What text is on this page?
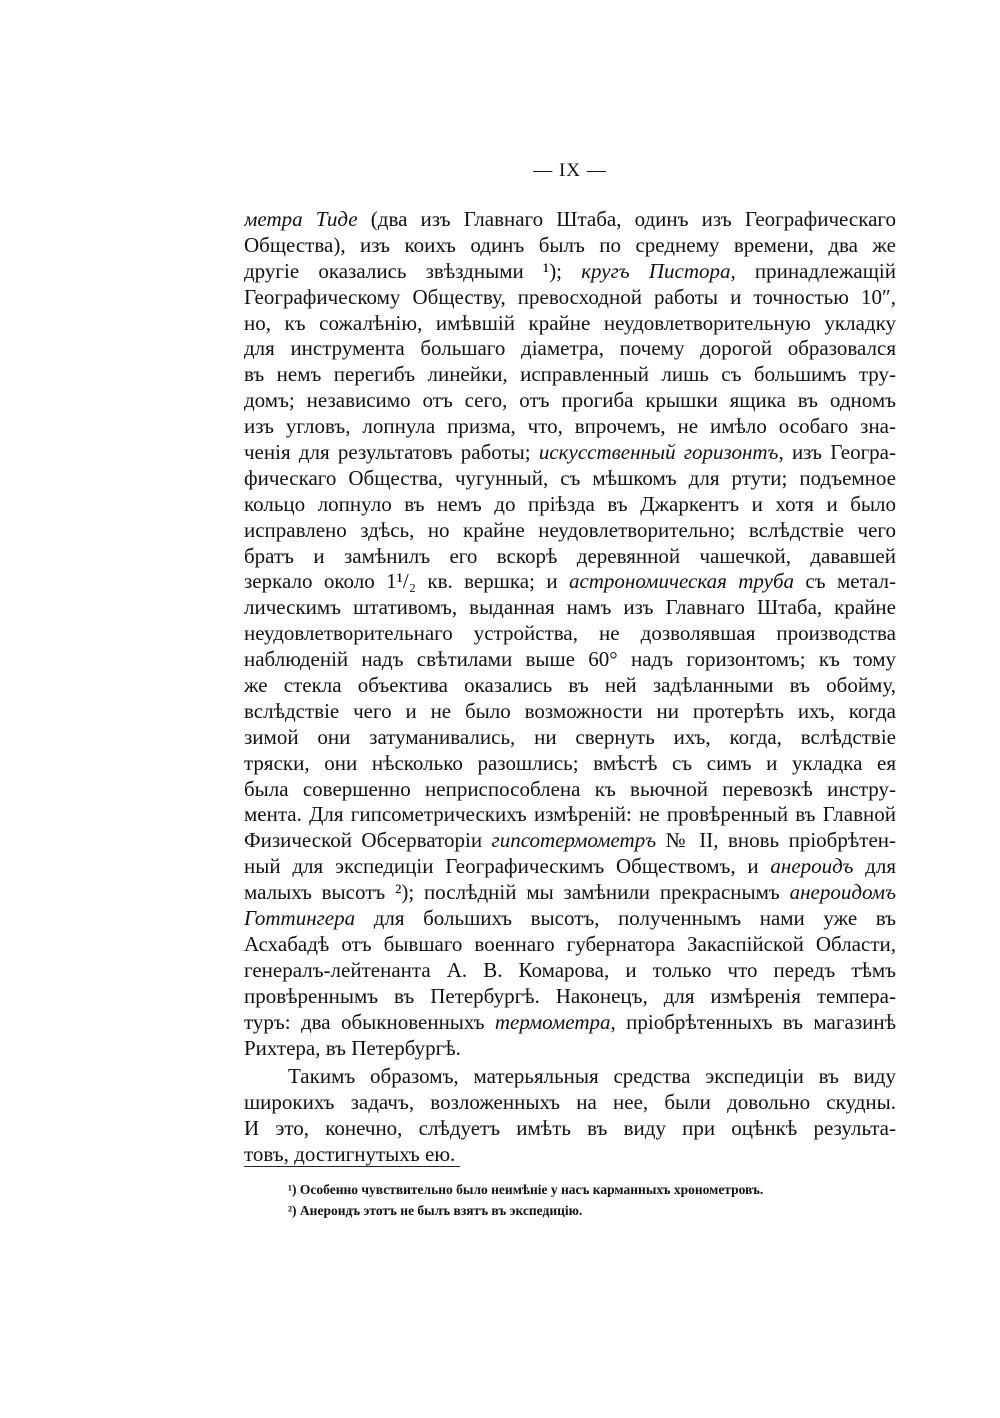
— IX —
метра Тиде (два изъ Главнаго Штаба, одинъ изъ Географическаго
Общества), изъ коихъ одинъ былъ по среднему времени, два же
другіе оказались звѣздными ¹); кругъ Пистора, принадлежащій
Географическому Обществу, превосходной работы и точностью 10″,
но, къ сожалѣнію, имѣвшій крайне неудовлетворительную укладку
для инструмента большаго діаметра, почему дорогой образовался
въ немъ перегибъ линейки, исправленный лишь съ большимъ тру-
домъ; независимо отъ сего, отъ прогиба крышки ящика въ одномъ
изъ угловъ, лопнула призма, что, впрочемъ, не имѣло особаго зна-
ченія для результатовъ работы; искусственный горизонтъ, изъ Геогра-
фическаго Общества, чугунный, съ мѣшкомъ для ртути; подъемное
кольцо лопнуло въ немъ до пріѣзда въ Джаркентъ и хотя и было
исправлено здѣсь, но крайне неудовлетворительно; вслѣдствіе чего
братъ и замѣнилъ его вскорѣ деревянной чашечкой, дававшей
зеркало около 1¹/₂ кв. вершка; и астрономическая труба съ метал-
лическимъ штативомъ, выданная намъ изъ Главнаго Штаба, крайне
неудовлетворительнаго устройства, не дозволявшая производства
наблюденій надъ свѣтилами выше 60° надъ горизонтомъ; къ тому
же стекла объектива оказались въ ней задѣланными въ обойму,
вслѣдствіе чего и не было возможности ни протерѣть ихъ, когда
зимой они затуманивались, ни свернуть ихъ, когда, вслѣдствіе
тряски, они нѣсколько разошлись; вмѣстѣ съ симъ и укладка ея
была совершенно неприспособлена къ вьючной перевозкѣ инстру-
мента. Для гипсометрическихъ измѣреній: не провѣренный въ Главной
Физической Обсерваторіи гипсотермометръ № II, вновь пріобрѣтен-
ный для экспедиціи Географическимъ Обществомъ, и анероидъ для
малыхъ высотъ ²); послѣдній мы замѣнили прекраснымъ анероидомъ
Готтингера для большихъ высотъ, полученнымъ нами уже въ
Асхабадѣ отъ бывшаго военнаго губернатора Закаспійской Области,
генералъ-лейтенанта А. В. Комарова, и только что передъ тѣмъ
провѣреннымъ въ Петербургѣ. Наконецъ, для измѣренія темпера-
туръ: два обыкновенныхъ термометра, пріобрѣтенныхъ въ магазинѣ
Рихтера, въ Петербургѣ.
Такимъ образомъ, матерьяльныя средства экспедиціи въ виду
широкихъ задачъ, возложенныхъ на нее, были довольно скудны.
И это, конечно, слѣдуетъ имѣть въ виду при оцѣнкѣ результа-
товъ, достигнутыхъ ею.
¹) Особенно чувствительно было неимѣніе у насъ карманныхъ хронометровъ.
²) Анероидъ этотъ не былъ взятъ въ экспедицію.
